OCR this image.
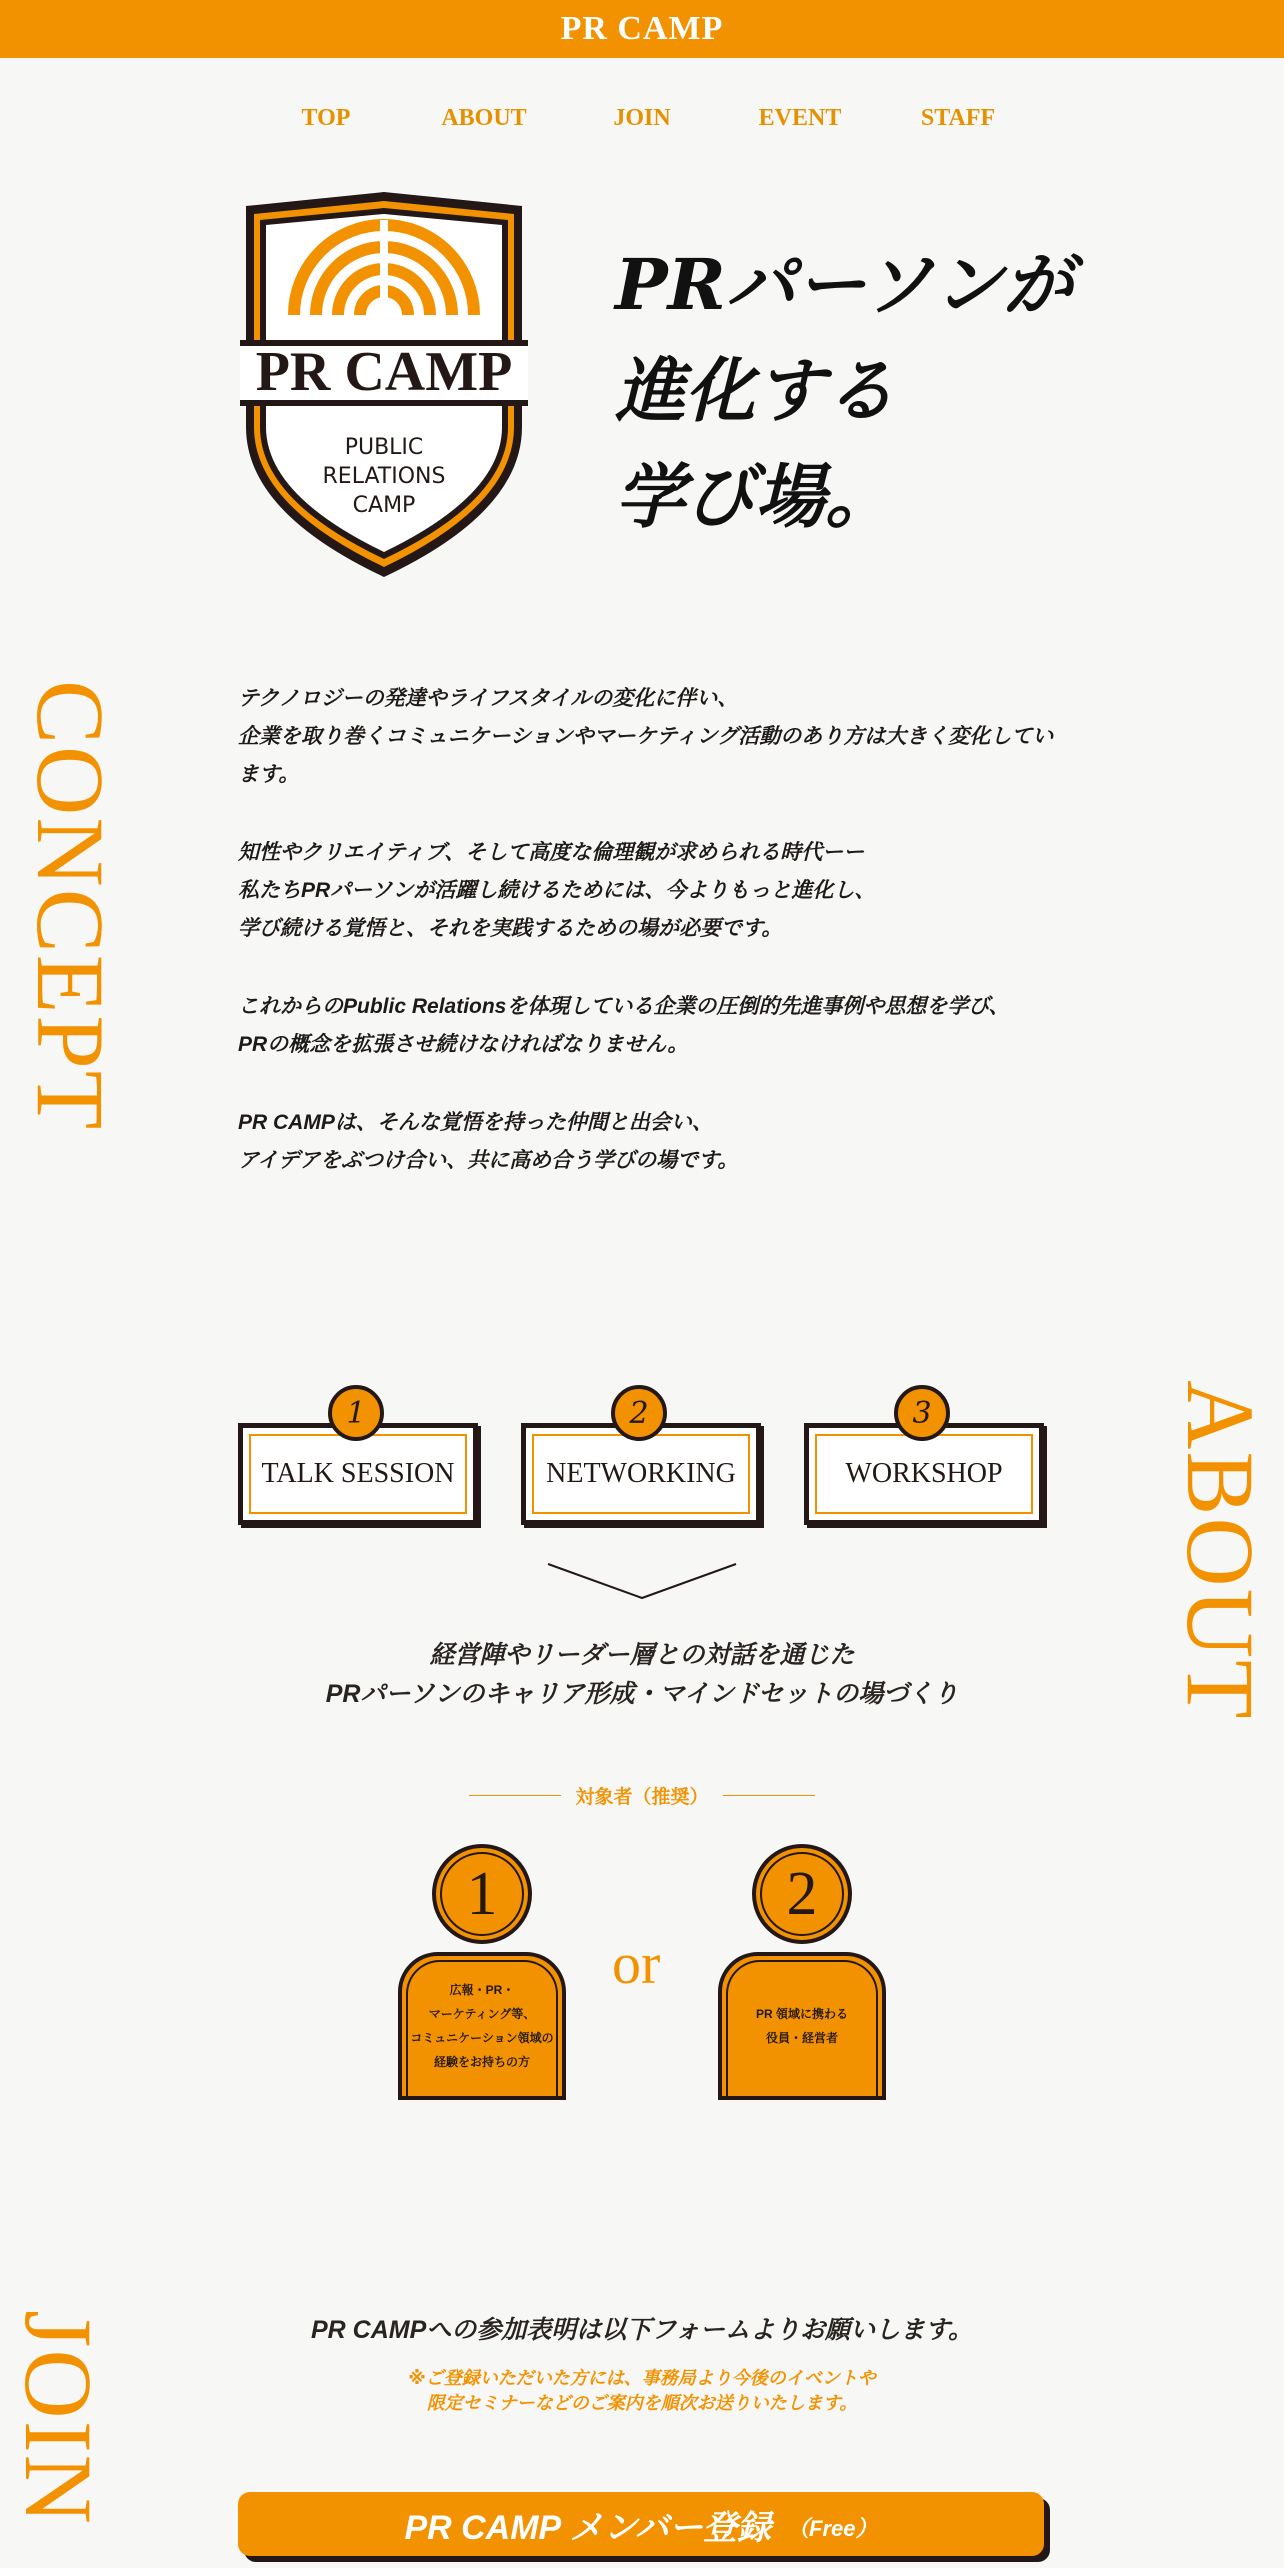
PR CAMP
TOP	ABOUT	JOIN	EVENT	STAFF
PR CAMP
PUBLIC
RELATIONS
CAMP
PRパーソンが
進化する
学び場。
CONCEPT	テクノロジーの発達やライフスタイルの変化に伴い、
企業を取り巻くコミュニケーションやマーケティング活動のあり方は大きく変化しています。

知性やクリエイティブ、そして高度な倫理観が求められる時代ーー
私たちPRパーソンが活躍し続けるためには、今よりもっと進化し、
学び続ける覚悟と、それを実践するための場が必要です。

これからのPublic Relationsを体現している企業の圧倒的先進事例や思想を学び、
PRの概念を拡張させ続けなければなりません。

PR CAMPは、そんな覚悟を持った仲間と出会い、
アイデアをぶつけ合い、共に高め合う学びの場です。

ABOUT
TALK SESSION
1
NETWORKING
2
WORKSHOP
3
経営陣やリーダー層との対話を通じた
PRパーソンのキャリア形成・マインドセットの場づくり
対象者（推奨）
1
広報・PR・
マーケティング等、
コミュニケーション領域の
経験をお持ちの方
or
2
PR 領域に携わる
役員・経営者
JOIN	PR CAMPへの参加表明は以下フォームよりお願いします。
※ご登録いただいた方には、事務局より今後のイベントや
限定セミナーなどのご案内を順次お送りいたします。
PR CAMP メンバー登録 （Free）
